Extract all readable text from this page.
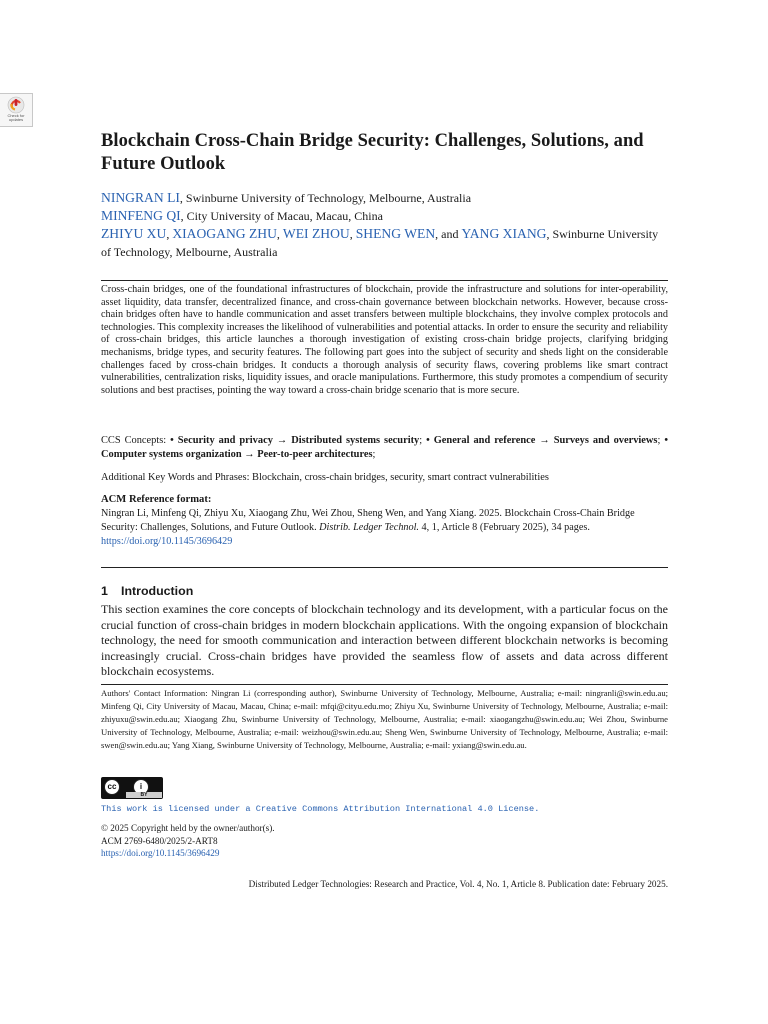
Check for updates
Blockchain Cross-Chain Bridge Security: Challenges, Solutions, and Future Outlook
NINGRAN LI, Swinburne University of Technology, Melbourne, Australia
MINFENG QI, City University of Macau, Macau, China
ZHIYU XU, XIAOGANG ZHU, WEI ZHOU, SHENG WEN, and YANG XIANG, Swinburne University of Technology, Melbourne, Australia

Cross-chain bridges, one of the foundational infrastructures of blockchain, provide the infrastructure and solutions for inter-operability, asset liquidity, data transfer, decentralized finance, and cross-chain governance between blockchain networks. However, because cross-chain bridges often have to handle communication and asset transfers between multiple blockchains, they involve complex protocols and technologies. This complexity increases the likelihood of vulnerabilities and potential attacks. In order to ensure the security and reliability of cross-chain bridges, this article launches a thorough investigation of existing cross-chain bridge projects, clarifying bridging mechanisms, bridge types, and security features. The following part goes into the subject of security and sheds light on the considerable challenges faced by cross-chain bridges. It conducts a thorough analysis of security flaws, covering problems like smart contract vulnerabilities, centralization risks, liquidity issues, and oracle manipulations. Furthermore, this study promotes a compendium of security solutions and best practises, pointing the way toward a cross-chain bridge scenario that is more secure.

CCS Concepts: • Security and privacy → Distributed systems security; • General and reference → Surveys and overviews; • Computer systems organization → Peer-to-peer architectures;

Additional Key Words and Phrases: Blockchain, cross-chain bridges, security, smart contract vulnerabilities

ACM Reference format:

Ningran Li, Minfeng Qi, Zhiyu Xu, Xiaogang Zhu, Wei Zhou, Sheng Wen, and Yang Xiang. 2025. Blockchain Cross-Chain Bridge Security: Challenges, Solutions, and Future Outlook. Distrib. Ledger Technol. 4, 1, Article 8 (February 2025), 34 pages.
https://doi.org/10.1145/3696429

1 Introduction

This section examines the core concepts of blockchain technology and its development, with a particular focus on the crucial function of cross-chain bridges in modern blockchain applications. With the ongoing expansion of blockchain technology, the need for smooth communication and interaction between different blockchain networks is becoming increasingly crucial. Cross-chain bridges have provided the seamless flow of assets and data across different blockchain ecosystems.

Authors' Contact Information: Ningran Li (corresponding author), Swinburne University of Technology, Melbourne, Australia; e-mail: ningranli@swin.edu.au; Minfeng Qi, City University of Macau, Macau, China; e-mail: mfqi@cityu.edu.mo; Zhiyu Xu, Swinburne University of Technology, Melbourne, Australia; e-mail: zhiyuxu@swin.edu.au; Xiaogang Zhu, Swinburne University of Technology, Melbourne, Australia; e-mail: xiaogangzhu@swin.edu.au; Wei Zhou, Swinburne University of Technology, Melbourne, Australia; e-mail: weizhou@swin.edu.au; Sheng Wen, Swinburne University of Technology, Melbourne, Australia; e-mail: swen@swin.edu.au; Yang Xiang, Swinburne University of Technology, Melbourne, Australia; e-mail: yxiang@swin.edu.au.

cc	i
BY

This work is licensed under a Creative Commons Attribution International 4.0 License.

© 2025 Copyright held by the owner/author(s).
ACM 2769-6480/2025/2-ART8
https://doi.org/10.1145/3696429

Distributed Ledger Technologies: Research and Practice, Vol. 4, No. 1, Article 8. Publication date: February 2025.
